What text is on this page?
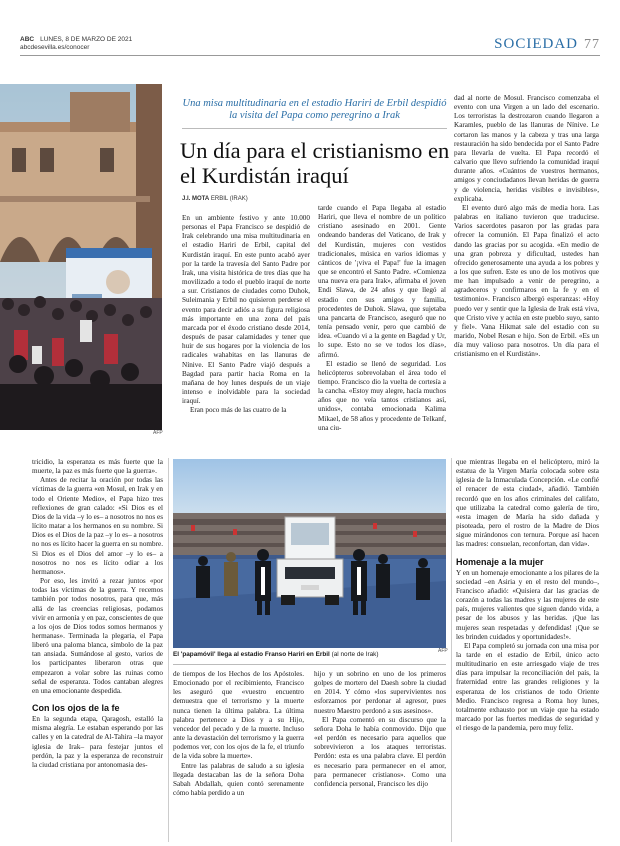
ABC LUNES, 8 DE MARZO DE 2021
abcdesevilla.es/conocer	SOCIEDAD 77
AFP
Una misa multitudinaria en el estadio Hariri de Erbil despidió la visita del Papa como peregrino a Irak
Un día para el cristianismo en el Kurdistán iraquí
J.I. MOTA ERBIL (IRAK)

En un ambiente festivo y ante 10.000 personas el Papa Francisco se despidió de Irak celebrando una misa multitudinaria en el estadio Hariri de Erbil, capital del Kurdistán iraquí. En este punto acabó ayer por la tarde la travesía del Santo Padre por Irak, una visita histórica de tres días que ha movilizado a todo el pueblo iraquí de norte a sur. Cristianos de ciudades como Duhok, Suleimania y Erbil no quisieron perderse el evento para decir adiós a su figura religiosa más importante en una zona del país marcada por el éxodo cristiano desde 2014, después de pasar calamidades y tener que huir de sus hogares por la violencia de los radicales wahabitas en las llanuras de Nínive. El Santo Padre viajó después a Bagdad para partir hacia Roma en la mañana de hoy lunes después de un viaje intenso e inolvidable para la sociedad iraquí.

Eran poco más de las cuatro de la

tarde cuando el Papa llegaba al estadio Hariri, que lleva el nombre de un político cristiano asesinado en 2001. Gente ondeando banderas del Vaticano, de Irak y del Kurdistán, mujeres con vestidos tradicionales, música en varios idiomas y cánticos de '¡viva el Papa!' fue la imagen que se encontró el Santo Padre. «Comienza una nueva era para Irak», afirmaba el joven Endi Slawa, de 24 años y que llegó al estadio con sus amigos y familia, procedentes de Duhok. Slawa, que sujetaba una pancarta de Francisco, aseguró que no tenía pensado venir, pero que cambió de idea. «Cuando vi a la gente en Bagdad y Ur, lo supe. Esto no se ve todos los días», afirmó.

El estadio se llenó de seguridad. Los helicópteros sobrevolaban el área todo el tiempo. Francisco dio la vuelta de cortesía a la cancha. «Estoy muy alegre, hacía muchos años que no veía tantos cristianos así, unidos», contaba emocionada Kalima Mikael, de 58 años y procedente de Telkanf, una ciu-

dad al norte de Mosul. Francisco comenzaba el evento con una Virgen a un lado del escenario. Los terroristas la destrozaron cuando llegaron a Karamles, pueblo de las llanuras de Nínive. Le cortaron las manos y la cabeza y tras una larga restauración ha sido bendecida por el Santo Padre para llevarla de vuelta. El Papa recordó el calvario que llevo sufriendo la comunidad iraquí durante años. «Cuántos de vuestros hermanos, amigos y conciudadanos llevan heridas de guerra y de violencia, heridas visibles e invisibles», explicaba.

El evento duró algo más de media hora. Las palabras en italiano tuvieron que traducirse. Varios sacerdotes pasaron por las gradas para ofrecer la comunión. El Papa finalizó el acto dando las gracias por su acogida. «En medio de una gran pobreza y dificultad, ustedes han ofrecido generosamente una ayuda a los pobres y a los que sufren. Este es uno de los motivos que me han impulsado a venir de peregrino, a agradeceros y confirmaros en la fe y en el testimonio». Francisco albergó esperanzas: «Hoy puedo ver y sentir que la Iglesia de Irak está viva, que Cristo vive y actúa en este pueblo suyo, santo y fiel». Vana Hikmat sale del estadio con su marido, Nobel Resan e hijo. Son de Erbil. «Es un día muy valioso para nosotros. Un día para el cristianismo en el Kurdistán».

tricidio, la esperanza es más fuerte que la muerte, la paz es más fuerte que la guerra».

Antes de recitar la oración por todas las víctimas de la guerra «en Mosul, en Irak y en todo el Oriente Medio», el Papa hizo tres reflexiones de gran calado: «Si Dios es el Dios de la vida –y lo es– a nosotros no nos es lícito matar a los hermanos en su nombre. Si Dios es el Dios de la paz –y lo es– a nosotros no nos es lícito hacer la guerra en su nombre. Si Dios es el Dios del amor –y lo es– a nosotros no nos es lícito odiar a los hermanos».

Por eso, les invitó a rezar juntos «por todas las víctimas de la guerra. Y recemos también por todos nosotros, para que, más allá de las creencias religiosas, podamos vivir en armonía y en paz, conscientes de que a los ojos de Dios todos somos hermanos y hermanas». Terminada la plegaria, el Papa liberó una paloma blanca, símbolo de la paz tan ansiada. Sumándose al gesto, varios de los participantes liberaron otras que empezaron a volar sobre las ruinas como señal de esperanza. Todos cantaban alegres en una emocionante despedida.

Con los ojos de la fe

En la segunda etapa, Qaragosh, estalló la misma alegría. Le estaban esperando por las calles y en la catedral de Al-Tahira –la mayor iglesia de Irak– para festejar juntos el perdón, la paz y la esperanza de reconstruir la ciudad cristiana por antonomasia des-

AFP
El 'papamóvil' llega al estadio Franso Hariri en Erbil (al norte de Irak)

de tiempos de los Hechos de los Apóstoles. Emocionado por el recibimiento, Francisco les aseguró que «vuestro encuentro demuestra que el terrorismo y la muerte nunca tienen la última palabra. La última palabra pertenece a Dios y a su Hijo, vencedor del pecado y de la muerte. Incluso ante la devastación del terrorismo y la guerra podemos ver, con los ojos de la fe, el triunfo de la vida sobre la muerte».

Entre las palabras de saludo a su iglesia llegada destacaban las de la señora Doha Sabah Abdallah, quien contó serenamente cómo había perdido a un

hijo y un sobrino en uno de los primeros golpes de mortero del Daesh sobre la ciudad en 2014. Y cómo «los supervivientes nos esforzamos por perdonar al agresor, pues nuestro Maestro perdonó a sus asesinos».

El Papa comentó en su discurso que la señora Doha le había conmovido. Dijo que «el perdón es necesario para aquellos que sobrevivieron a los ataques terroristas. Perdón: esta es una palabra clave. El perdón es necesario para permanecer en el amor, para permanecer cristianos». Como una confidencia personal, Francisco les dijo

que mientras llegaba en el helicóptero, miró la estatua de la Virgen María colocada sobre esta iglesia de la Inmaculada Concepción. «Le confié el renacer de esta ciudad», añadió. También recordó que en los años criminales del califato, que utilizaba la catedral como galería de tiro, «esta imagen de María ha sido dañada y pisoteada, pero el rostro de la Madre de Dios sigue mirándonos con ternura. Porque así hacen las madres: consuelan, reconfortan, dan vida».

Homenaje a la mujer

Y en un homenaje emocionante a los pilares de la sociedad –en Asiria y en el resto del mundo–, Francisco añadió: «Quisiera dar las gracias de corazón a todas las madres y las mujeres de este país, mujeres valientes que siguen dando vida, a pesar de los abusos y las heridas. ¡Que las mujeres sean respetadas y defendidas! ¡Que se les brinden cuidados y oportunidades!».

El Papa completó su jornada con una misa por la tarde en el estadio de Erbil, único acto multitudinario en este arriesgado viaje de tres días para impulsar la reconciliación del país, la fraternidad entre las grandes religiones y la esperanza de los cristianos de todo Oriente Medio. Francisco regresa a Roma hoy lunes, totalmente exhausto por un viaje que ha estado marcado por las fuertes medidas de seguridad y el riesgo de la pandemia, pero muy feliz.
